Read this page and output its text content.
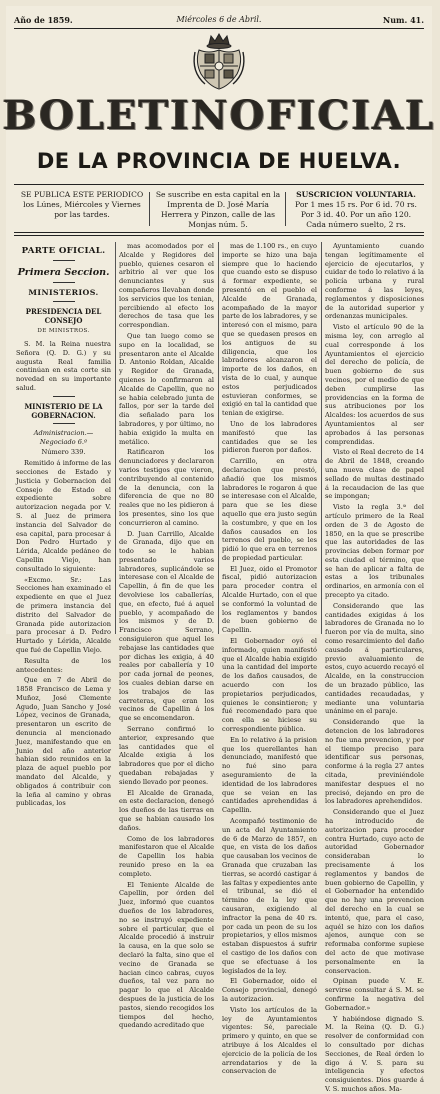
Año de 1859.	Miércoles 6 de Abril.	Num. 41.
BOLETIN OFICIAL
DE LA PROVINCIA DE HUELVA.
SE PUBLICA ESTE PERIODICO los Lúnes, Miércoles y Viernes por las tardes.
Se suscribe en esta capital en la Imprenta de D. José María Herrera y Pinzon, calle de las Monjas núm. 5.
SUSCRICION VOLUNTARIA.
Por 1 mes 15 rs. Por 6 id. 70 rs.
Por 3 id. 40. Por un año 120.
Cada número suelto, 2 rs.
PARTE OFICIAL.
Primera Seccion.
MINISTERIOS.
PRESIDENCIA DEL CONSEJO

DE MINISTROS.

S. M. la Reina nuestra Señora (Q. D. G.) y su augusta Real familia continúan en esta corte sin novedad en su importante salud.

MINISTERIO DE LA GOBERNACION.

Administracion.—Negociado 6.º

Número 339.

Remitido á informe de las secciones de Estado y Justicia y Gobernacion del Consejo de Estado el expediente sobre autorizacion negada por V. S. al Juez de primera instancia del Salvador de esa capital, para procesar á Don Pedro Hurtado y Lérida, Alcalde pedáneo de Capellin Viejo, han consultado lo siguiente:

«Excmo. Sr.: Las Secciones han examinado el expediente en que el Juez de primera instancia del distrito del Salvador de Granada pide autorizacion para procesar á D. Pedro Hurtado y Lérida, Alcalde que fué de Capellin Viejo.

Resulta de los antecedentes:

Que en 7 de Abril de 1858 Francisco de Lema y Muñoz, José Clemente Agudo, Juan Sancho y José López, vecinos de Granada, presentaron un escrito de denuncia al mencionado Juez, manifestando que en Junio del año anterior habian sido reunidos en la plaza de aquel pueblo por mandato del Alcalde, y obligados á contribuir con la leña al camino y obras publicadas, los

mas acomodados por el Alcalde y Regidores del pueblo, quienes cesaron el arbitrio al ver que los denunciantes y sus compañeros llevaban donde los servicios que los tenian, percibiendo al efecto los derechos de tasa que les correspondian.

Que tan luego como se supo en la localidad, se presentaron ante el Alcalde D. Antonio Roldan, Alcalde y Regidor de Granada, quienes lo confirmaron al Alcalde de Capellin, que no se habia celebrado junta de fallos, por ser la tarde del dia señalado para los labradores, y por último, no habia exigido la multa en metálico.

Ratificaron los denunciadores y declararon varios testigos que vieron, contribuyendo al contenido de la denuncia, con la diferencia de que no 80 reales que no les pidieron á los presentes, sino los que concurrieron al camino.

D. Juan Carrillo, Alcalde de Granada, dijo que en todo se le habian presentado varios labradores, suplicándole se interesase con el Alcalde de Capellin, á fin de que les devolviese los caballerías, que, en efecto, fué á aquel pueblo, y acompañado de los mismos y de D. Francisco Serrano, consiguieron que aquel les rebajase las cantidades que por dichas les exigia, á 40 reales por caballería y 10 por cada jornal de peones, los cuales debian darse en los trabajos de las carreteras, que eran los vecinos de Capellin á los que se encomendaron.

Serrano confirmó lo anterior, expresando que las cantidades que el Alcalde exigia á los labradores que por el dicho quedaban rebajadas y siendo llevado por peones.

El Alcalde de Granada, en este declaracion, denegó los dueños de las tierras en que se habian causado los daños.

Como de los labradores manifestaron que el Alcalde de Capellin los habia reunido preso en la ea completo.

El Teniente Alcalde de Capellin, por órden del Juez, informó que cuantos dueños de los labradores, no se instruyó expediente sobre el particular, que el Alcalde procedió á instruir la causa, en la que solo se declaró la falta, sino que el vecino de Granada se hacian cinco cabras, cuyos dueños, tal vez para no pagar lo que el Alcalde despues de la justicia de los pastos, siendo recogidos los tiempos del hecho, quedando acreditado que

mas de 1.100 rs., en cuyo importe se hizo una baja siempre que lo haciendo que cuando esto se dispuso á formar expediente, se presentó en el pueblo el Alcalde de Granada, acompañado de la mayor parte de los labradores, y se interesó con el mismo, para que se quedasen presos en los antiguos de su diligencia, que los labradores alcanzaron el importe de los daños, en vista de lo cual, y aunque estos perjudicados estuvieran conformes, se exigió en tal la cantidad que tenian de exigirse.

Uno de los labradores manifestó que las cantidades que se les pidieron fueron por daños.

Carrillo, en otra declaracion que prestó, añadió que los mismos labradores le rogaron á que se interesase con el Alcalde, para que se les diese aquello que era justo según la costumbre, y que en los daños causados en los terrenos del pueblo, se les pidió lo que era en terrenos de propiedad particular.

El Juez, oido el Promotor fiscal, pidió autorizacion para proceder contra el Alcalde Hurtado, con el que se conformó la voluntad de los reglamentos y bandos de buen gobierno de Capellin.

El Gobernador oyó el informado, quien manifestó que el Alcalde habia exigido una la cantidad del importe de los daños causados, de acuerdo con los propietarios perjudicados, quienes le consintieron; y fué recomendado para que con ella se hiciese su correspondiente pública.

En lo relativo á la prision que los querellantes han denunciado, manifestó que no fué sino para aseguramiento de la identidad de los labradores que se veian en las cantidades aprehendidas á Capellin.

Acompañó testimonio de un acta del Ayuntamiento de 6 de Marzo de 1857, en que, en vista de los daños que causaban los vecinos de Granada que cruzaban las tierras, se acordó castigar á las faltas y expedientes ante el tribunal, se dió el término de la ley que causaran, exigiendo al infractor la pena de 40 rs. por cada un peon de su los propietarios, y ellos mismos estaban dispuestos á sufrir el castigo de los daños con que se efectuase á los legislados de la ley.

El Gobernador, oido el Consejo provincial, denegó la autorizacion.

Visto los artículos de la ley de Ayuntamientos vigentes: Sé, pareciale primero y quinto, en que se atribuye á los Alcaldes el ejercicio de la policía de los arrendatarios y de la conservacion de

Ayuntamiento cuando tengan legítimamente el ejercicio de ejecutarlos, y cuidar de todo lo relativo á la policía urbana y rural conforme á las leyes, reglamentos y disposiciones de la autoridad superior y ordenanzas municipales.

Visto el artículo 90 de la misma ley, con arreglo al cual corresponde á los Ayuntamientos el ejercicio del derecho de policía, de buen gobierno de sus vecinos, por el medio de que deben cumplirse las providencias en la forma de sus atribuciones por los Alcaldes: los acuerdos de sus Ayuntamientos al ser aprobados á las personas comprendidas.

Visto el Real decreto de 14 de Abril de 1848, creando una nueva clase de papel sellado de multas destinado á la recaudacion de las que se impongan;

Visto la regla 3.ª del artículo primero de la Real orden de 3 de Agosto de 1850, en la que se prescribe que las autoridades de las provincias deben formar por esta ciudad el término, que se han de aplicar a falta de estas a los tribunales ordinarios, en armonía con el precepto ya citado.

Considerando que las cantidades exigidas á los labradores de Granada no lo fueron por vía de multa, sino como resarcimiento del daño causado á particulares, previo avaluamiento de estos, cuyo acuerdo recayó el Alcalde, en la construccion de un brazado público, las cantidades recaudadas, y mediante una voluntaria unánime en el paraje.

Considerando que la detencion de los labradores no fue una prevencion, y por el tiempo preciso para identificar sus personas, conforme á la regla 27 antes citada, previniéndole manifestar despues el no precisó, dejando en pro de los labradores aprehendidos.

Considerando que el Juez ha introducido de autorizacion para proceder contra Hurtado, cuyo acto de autoridad Gobernador consideraban lo precisamente á los reglamentos y bandos de buen gobierno de Capellin, y el Gobernador ha entendido que no hay una prevencion del derecho en la cual se intentó, que, para el caso, aquél se hizo con los daños ajenos, aunque con se reformaba conforme supiese del acto de que motivase personalmente en la conservacion.

Opinan puede V. E. servirse consultar á S. M. se confirme la negativa del Gobernador.»

Y habiéndose dignado S. M. la Reina (Q. D. G.) resolver de conformidad con lo consultado por dichas Secciones, de Real órden lo digo á V. S. para su inteligencia y efectos consiguientes. Dios guarde á V. S. muchos años. Ma-
